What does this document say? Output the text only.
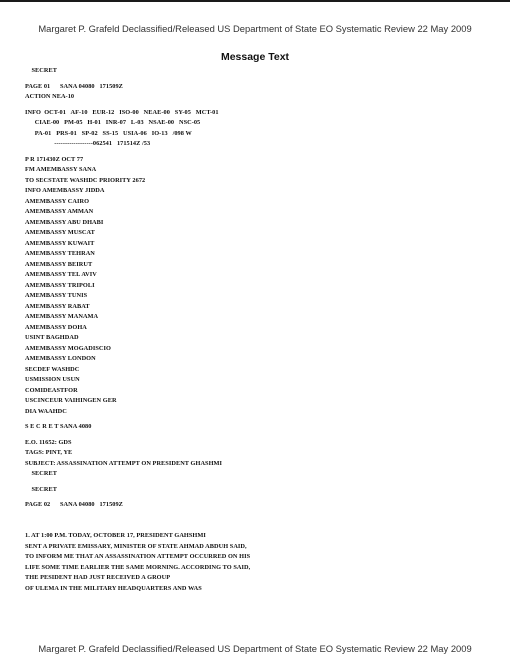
Margaret P. Grafeld Declassified/Released US Department of State EO Systematic Review 22 May 2009
Message Text
SECRET
PAGE 01      SANA 04080   171509Z
ACTION NEA-10
INFO  OCT-01   AF-10   EUR-12   ISO-00   NEAE-00   SY-05   MCT-01
CIAE-00   PM-05   H-01   INR-07   L-03   NSAE-00   NSC-05
PA-01   PRS-01   SP-02   SS-15   USIA-06   IO-13   /098 W
------------------062541   171514Z /53
P R 171430Z OCT 77
FM AMEMBASSY SANA
TO SECSTATE WASHDC PRIORITY 2672
INFO AMEMBASSY JIDDA
AMEMBASSY CAIRO
AMEMBASSY AMMAN
AMEMBASSY ABU DHABI
AMEMBASSY MUSCAT
AMEMBASSY KUWAIT
AMEMBASSY TEHRAN
AMEMBASSY BEIRUT
AMEMBASSY TEL AVIV
AMEMBASSY TRIPOLI
AMEMBASSY TUNIS
AMEMBASSY RABAT
AMEMBASSY MANAMA
AMEMBASSY DOHA
USINT BAGHDAD
AMEMBASSY MOGADISCIO
AMEMBASSY LONDON
SECDEF WASHDC
USMISSION USUN
COMIDEASTFOR
USCINCEUR VAIHINGEN GER
DIA WAAHDC
S E C R E T SANA 4080
E.O. 11652: GDS
TAGS: PINT, YE
SUBJECT: ASSASSINATION ATTEMPT ON PRESIDENT GHASHMI
SECRET
SECRET
PAGE 02      SANA 04080   171509Z
1. AT 1:00 P.M. TODAY, OCTOBER 17, PRESIDENT GAHSHMI
SENT A PRIVATE EMISSARY, MINISTER OF STATE AHMAD ABDUH SAID,
TO INFORM ME THAT AN ASSASSINATION ATTEMPT OCCURRED ON HIS
LIFE SOME TIME EARLIER THE SAME MORNING. ACCORDING TO SAID,
THE PESIDENT HAD JUST RECEIVED A GROUP
OF ULEMA IN THE MILITARY HEADQUARTERS AND WAS
Margaret P. Grafeld Declassified/Released US Department of State EO Systematic Review 22 May 2009
